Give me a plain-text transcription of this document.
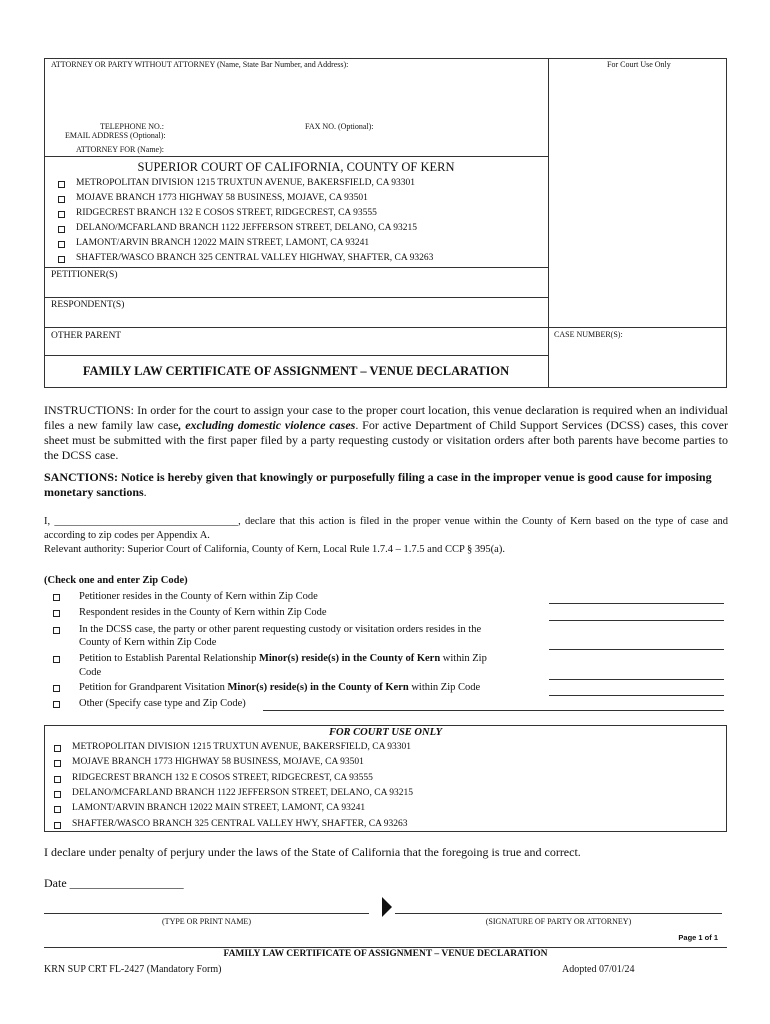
ATTORNEY OR PARTY WITHOUT ATTORNEY (Name, State Bar Number, and Address):	For Court Use Only
TELEPHONE NO.:	FAX NO. (Optional):
EMAIL ADDRESS (Optional):
ATTORNEY FOR (Name):
SUPERIOR COURT OF CALIFORNIA, COUNTY OF KERN
METROPOLITAN DIVISION 1215 TRUXTUN AVENUE, BAKERSFIELD, CA 93301
MOJAVE BRANCH 1773 HIGHWAY 58 BUSINESS, MOJAVE, CA 93501
RIDGECREST BRANCH 132 E COSOS STREET, RIDGECREST, CA 93555
DELANO/MCFARLAND BRANCH 1122 JEFFERSON STREET, DELANO, CA 93215
LAMONT/ARVIN BRANCH 12022 MAIN STREET, LAMONT, CA 93241
SHAFTER/WASCO BRANCH 325 CENTRAL VALLEY HIGHWAY, SHAFTER, CA 93263
PETITIONER(S)
RESPONDENT(S)
OTHER PARENT	CASE NUMBER(S):
FAMILY LAW CERTIFICATE OF ASSIGNMENT – VENUE DECLARATION
INSTRUCTIONS: In order for the court to assign your case to the proper court location, this venue declaration is required when an individual files a new family law case, excluding domestic violence cases. For active Department of Child Support Services (DCSS) cases, this cover sheet must be submitted with the first paper filed by a party requesting custody or visitation orders after both parents have become parties to the DCSS case.
SANCTIONS: Notice is hereby given that knowingly or purposefully filing a case in the improper venue is good cause for imposing monetary sanctions.
I, ___________________________________, declare that this action is filed in the proper venue within the County of Kern based on the type of case and according to zip codes per Appendix A.
Relevant authority: Superior Court of California, County of Kern, Local Rule 1.7.4 – 1.7.5 and CCP § 395(a).
(Check one and enter Zip Code)
Petitioner resides in the County of Kern within Zip Code
Respondent resides in the County of Kern within Zip Code
In the DCSS case, the party or other parent requesting custody or visitation orders resides in the
County of Kern within Zip Code
Petition to Establish Parental Relationship Minor(s) reside(s) in the County of Kern within Zip
Code
Petition for Grandparent Visitation Minor(s) reside(s) in the County of Kern within Zip Code
Other (Specify case type and Zip Code)
FOR COURT USE ONLY
METROPOLITAN DIVISION 1215 TRUXTUN AVENUE, BAKERSFIELD, CA 93301
MOJAVE BRANCH 1773 HIGHWAY 58 BUSINESS, MOJAVE, CA 93501
RIDGECREST BRANCH 132 E COSOS STREET, RIDGECREST, CA 93555
DELANO/MCFARLAND BRANCH 1122 JEFFERSON STREET, DELANO, CA 93215
LAMONT/ARVIN BRANCH 12022 MAIN STREET, LAMONT, CA 93241
SHAFTER/WASCO BRANCH 325 CENTRAL VALLEY HWY, SHAFTER, CA 93263
I declare under penalty of perjury under the laws of the State of California that the foregoing is true and correct.
Date ___________________
(TYPE OR PRINT NAME)	(SIGNATURE OF PARTY OR ATTORNEY)
Page 1 of 1
FAMILY LAW CERTIFICATE OF ASSIGNMENT – VENUE DECLARATION
KRN SUP CRT FL-2427 (Mandatory Form)	Adopted 07/01/24
